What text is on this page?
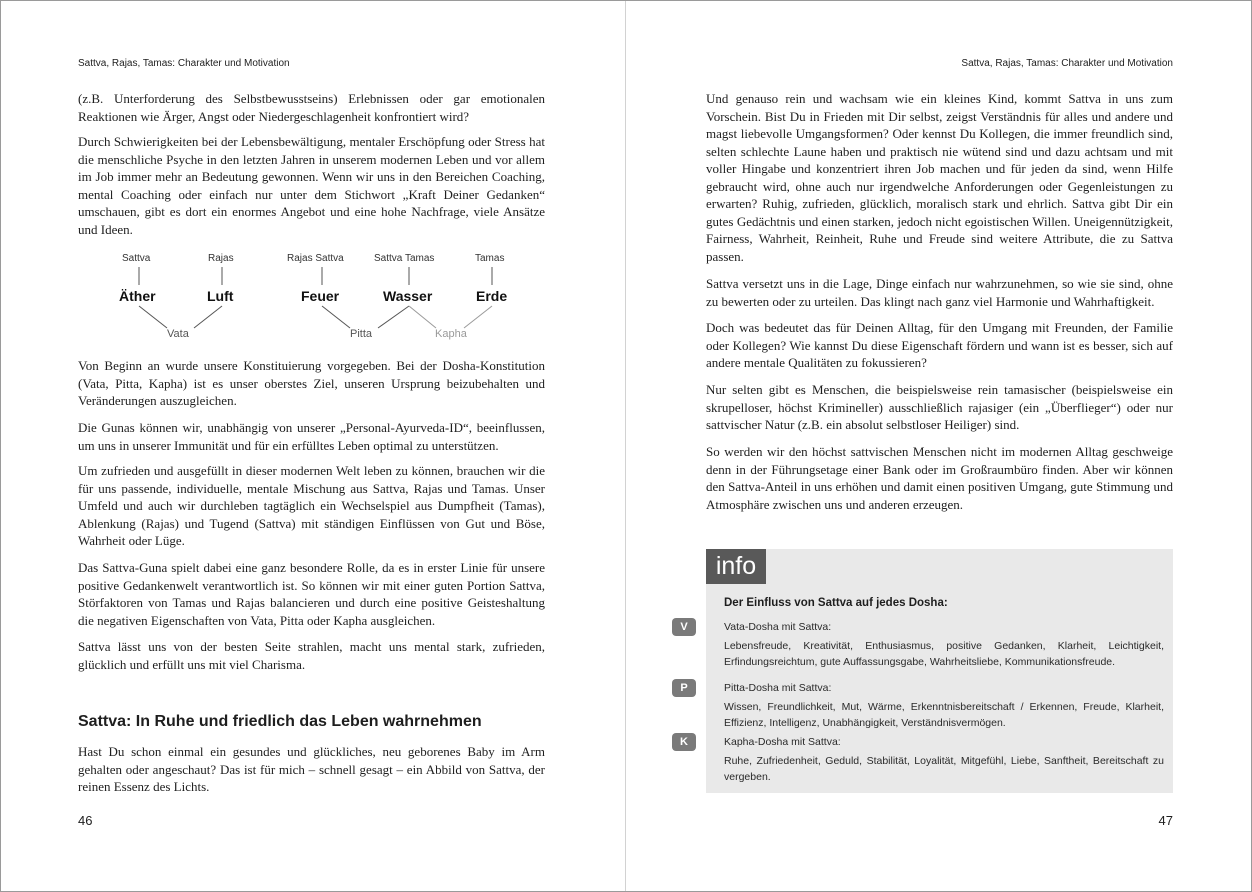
Sattva, Rajas, Tamas: Charakter und Motivation

(z.B. Unterforderung des Selbstbewusstseins) Erlebnissen oder gar emotionalen Reaktionen wie Ärger, Angst oder Niedergeschlagenheit konfrontiert wird?

Durch Schwierigkeiten bei der Lebensbewältigung, mentaler Erschöpfung oder Stress hat die menschliche Psyche in den letzten Jahren in unserem modernen Leben und vor allem im Job immer mehr an Bedeutung gewonnen. Wenn wir uns in den Bereichen Coaching, mental Coaching oder einfach nur unter dem Stichwort „Kraft Deiner Gedanken“ umschauen, gibt es dort ein enormes Angebot und eine hohe Nachfrage, viele Ansätze und Ideen.

Sattva	Rajas	Rajas Sattva	Sattva Tamas	Tamas
Äther	Luft	Feuer	Wasser	Erde
Vata	Pitta	Kapha

Von Beginn an wurde unsere Konstituierung vorgegeben. Bei der Dosha-Konstitution (Vata, Pitta, Kapha) ist es unser oberstes Ziel, unseren Ursprung beizubehalten und Veränderungen auszugleichen.

Die Gunas können wir, unabhängig von unserer „Personal-Ayurveda-ID“, beeinflussen, um uns in unserer Immunität und für ein erfülltes Leben optimal zu unterstützen.

Um zufrieden und ausgefüllt in dieser modernen Welt leben zu können, brauchen wir die für uns passende, individuelle, mentale Mischung aus Sattva, Rajas und Tamas. Unser Umfeld und auch wir durchleben tagtäglich ein Wechselspiel aus Dumpfheit (Tamas), Ablenkung (Rajas) und Tugend (Sattva) mit ständigen Einflüssen von Gut und Böse, Wahrheit oder Lüge.

Das Sattva-Guna spielt dabei eine ganz besondere Rolle, da es in erster Linie für unsere positive Gedankenwelt verantwortlich ist. So können wir mit einer guten Portion Sattva, Störfaktoren von Tamas und Rajas balancieren und durch eine positive Geisteshaltung die negativen Eigenschaften von Vata, Pitta oder Kapha ausgleichen.

Sattva lässt uns von der besten Seite strahlen, macht uns mental stark, zufrieden, glücklich und erfüllt uns mit viel Charisma.

Sattva: In Ruhe und friedlich das Leben wahrnehmen

Hast Du schon einmal ein gesundes und glückliches, neu geborenes Baby im Arm gehalten oder angeschaut? Das ist für mich – schnell gesagt – ein Abbild von Sattva, der reinen Essenz des Lichts.

46
Sattva, Rajas, Tamas: Charakter und Motivation

Und genauso rein und wachsam wie ein kleines Kind, kommt Sattva in uns zum Vorschein. Bist Du in Frieden mit Dir selbst, zeigst Verständnis für alles und andere und magst liebevolle Umgangsformen? Oder kennst Du Kollegen, die immer freundlich sind, selten schlechte Laune haben und praktisch nie wütend sind und dazu achtsam und mit voller Hingabe und konzentriert ihren Job machen und für jeden da sind, wenn Hilfe gebraucht wird, ohne auch nur irgendwelche Anforderungen oder Gegenleistungen zu erwarten? Ruhig, zufrieden, glücklich, moralisch stark und ehrlich. Sattva gibt Dir ein gutes Gedächtnis und einen starken, jedoch nicht egoistischen Willen. Uneigennützigkeit, Fairness, Wahrheit, Reinheit, Ruhe und Freude sind weitere Attribute, die zu Sattva passen.

Sattva versetzt uns in die Lage, Dinge einfach nur wahrzunehmen, so wie sie sind, ohne zu bewerten oder zu urteilen. Das klingt nach ganz viel Harmonie und Wahrhaftigkeit.

Doch was bedeutet das für Deinen Alltag, für den Umgang mit Freunden, der Familie oder Kollegen? Wie kannst Du diese Eigenschaft fördern und wann ist es besser, sich auf andere mentale Qualitäten zu fokussieren?

Nur selten gibt es Menschen, die beispielsweise rein tamasischer (beispielsweise ein skrupelloser, höchst Krimineller) ausschließlich rajasiger (ein „Überflieger“) oder nur sattvischer Natur (z.B. ein absolut selbstloser Heiliger) sind.

So werden wir den höchst sattvischen Menschen nicht im modernen Alltag geschweige denn in der Führungsetage einer Bank oder im Großraumbüro finden. Aber wir können den Sattva-Anteil in uns erhöhen und damit einen positiven Umgang, gute Stimmung und Atmosphäre zwischen uns und anderen erzeugen.

info
Der Einfluss von Sattva auf jedes Dosha:
V	Vata-Dosha mit Sattva:

Lebensfreude, Kreativität, Enthusiasmus, positive Gedanken, Klarheit, Leichtigkeit, Erfindungsreichtum, gute Auffassungsgabe, Wahrheitsliebe, Kommunikationsfreude.

P	Pitta-Dosha mit Sattva:

Wissen, Freundlichkeit, Mut, Wärme, Erkenntnisbereitschaft / Erkennen, Freude, Klarheit, Effizienz, Intelligenz, Unabhängigkeit, Verständnisvermögen.

K	Kapha-Dosha mit Sattva:

Ruhe, Zufriedenheit, Geduld, Stabilität, Loyalität, Mitgefühl, Liebe, Sanftheit, Bereitschaft zu vergeben.

47
